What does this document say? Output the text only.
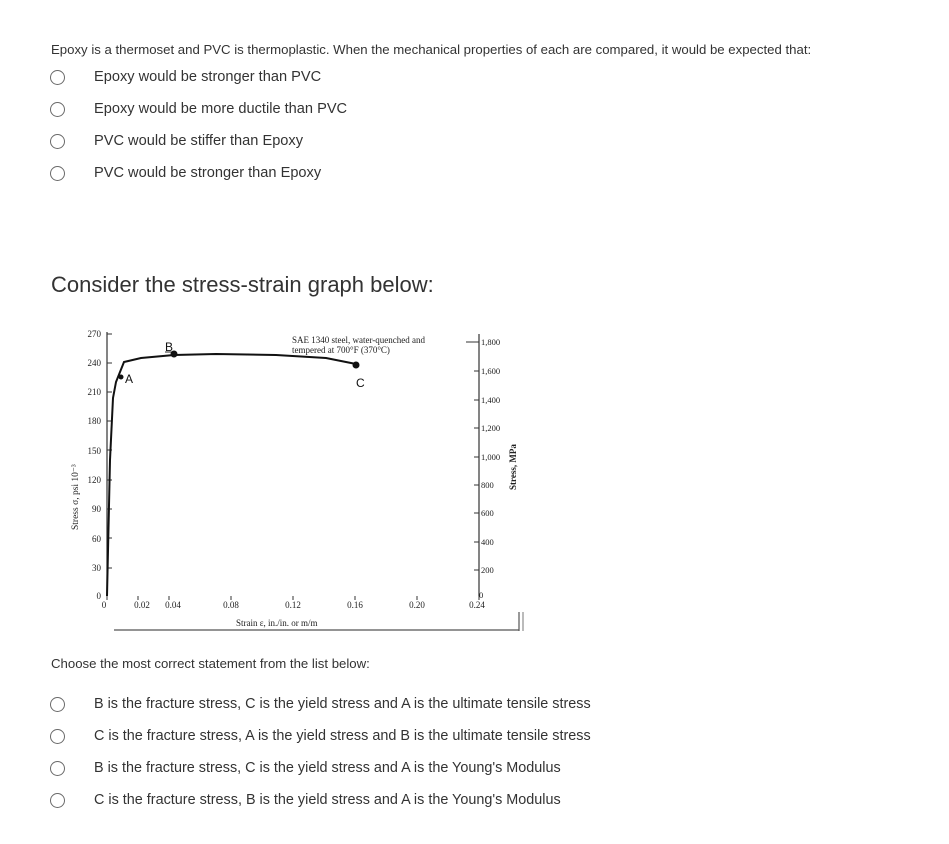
Epoxy is a thermoset and PVC is thermoplastic. When the mechanical properties of each are compared, it would be expected that:
Epoxy would be stronger than PVC
Epoxy would be more ductile than PVC
PVC would be stiffer than Epoxy
PVC would be stronger than Epoxy
Consider the stress-strain graph below:
270
240
210
180
150
120
90
60
30
0
Stress σ, psi 10⁻³
1,800
1,600
1,400
1,200
1,000
800
600
400
200
0
Stress, MPa
0	0.02 0.04	0.08	0.12	0.16	0.20	0.24
Strain ε, in./in. or m/m
SAE 1340 steel, water-quenched and
tempered at 700°F (370°C)
A
B
C
Choose the most correct statement from the list below:
B is the fracture stress, C is the yield stress and A is the ultimate tensile stress
C is the fracture stress, A is the yield stress and B is the ultimate tensile stress
B is the fracture stress, C is the yield stress and A is the Young's Modulus
C is the fracture stress, B is the yield stress and A is the Young's Modulus
